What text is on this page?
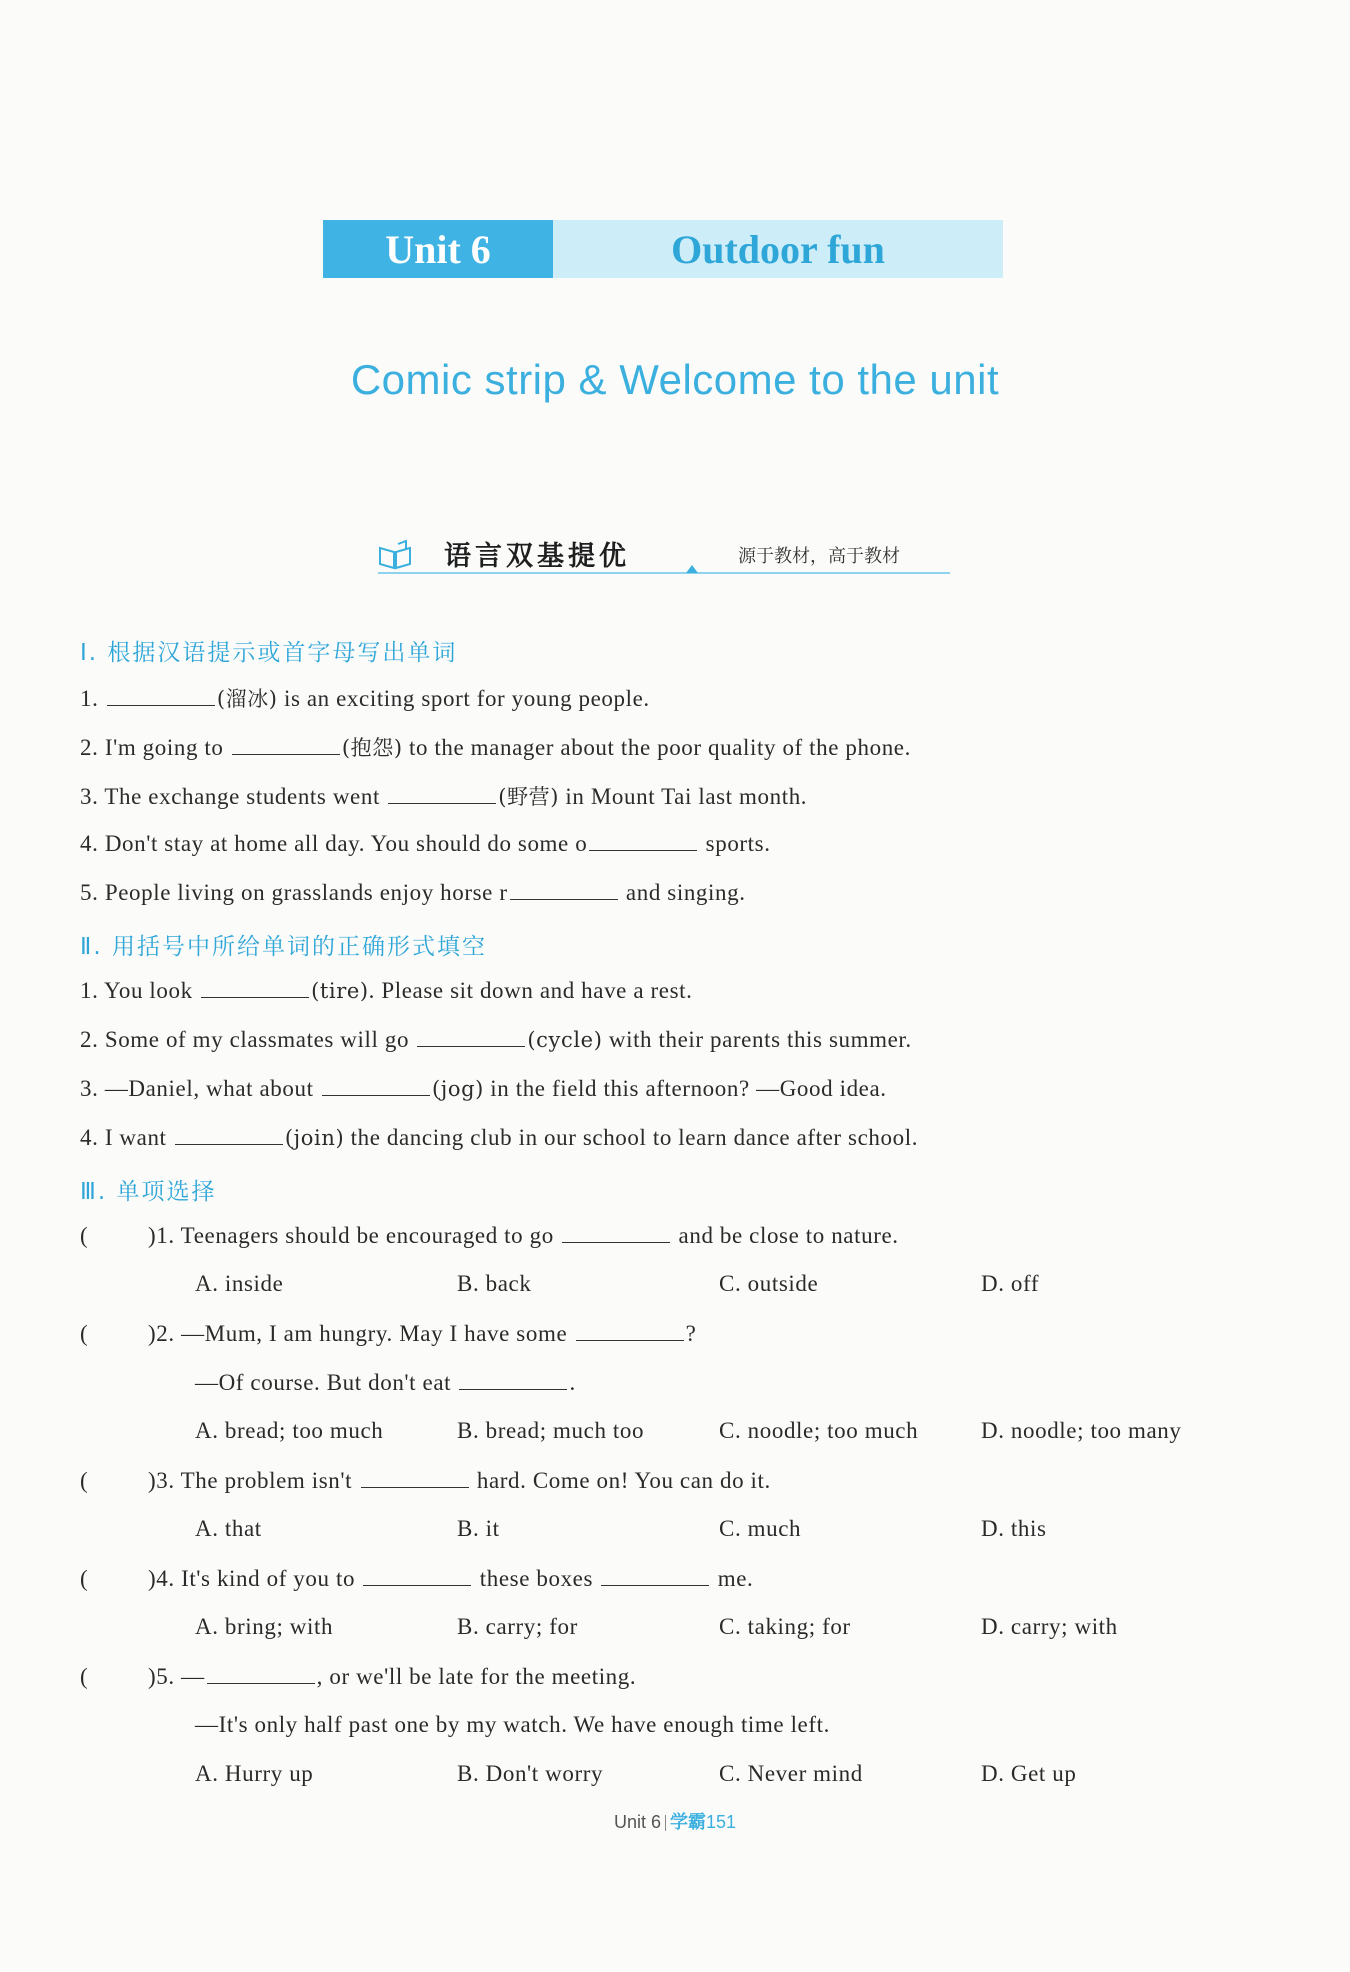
Unit 6	Outdoor fun
Comic strip & Welcome to the unit
语言双基提优	源于教材，高于教材
Ⅰ. 根据汉语提示或首字母写出单词
1.	(溜冰) is an exciting sport for young people.
2. I'm going to	(抱怨) to the manager about the poor quality of the phone.
3. The exchange students went	(野营) in Mount Tai last month.
4. Don't stay at home all day. You should do some o	sports.
5. People living on grasslands enjoy horse r	and singing.
Ⅱ. 用括号中所给单词的正确形式填空
1. You look	(tire). Please sit down and have a rest.
2. Some of my classmates will go	(cycle) with their parents this summer.
3. —Daniel, what about	(jog) in the field this afternoon? —Good idea.
4. I want	(join) the dancing club in our school to learn dance after school.
Ⅲ. 单项选择
(	)1. Teenagers should be encouraged to go	and be close to nature.
A. inside	B. back	C. outside	D. off
(	)2. —Mum, I am hungry. May I have some	?
—Of course. But don't eat	.
A. bread; too much	B. bread; much too	C. noodle; too much	D. noodle; too many
(	)3. The problem isn't	hard. Come on! You can do it.
A. that	B. it	C. much	D. this
(	)4. It's kind of you to	these boxes	me.
A. bring; with	B. carry; for	C. taking; for	D. carry; with
(	)5. —	, or we'll be late for the meeting.
—It's only half past one by my watch. We have enough time left.
A. Hurry up	B. Don't worry	C. Never mind	D. Get up
Unit 6 学霸151
